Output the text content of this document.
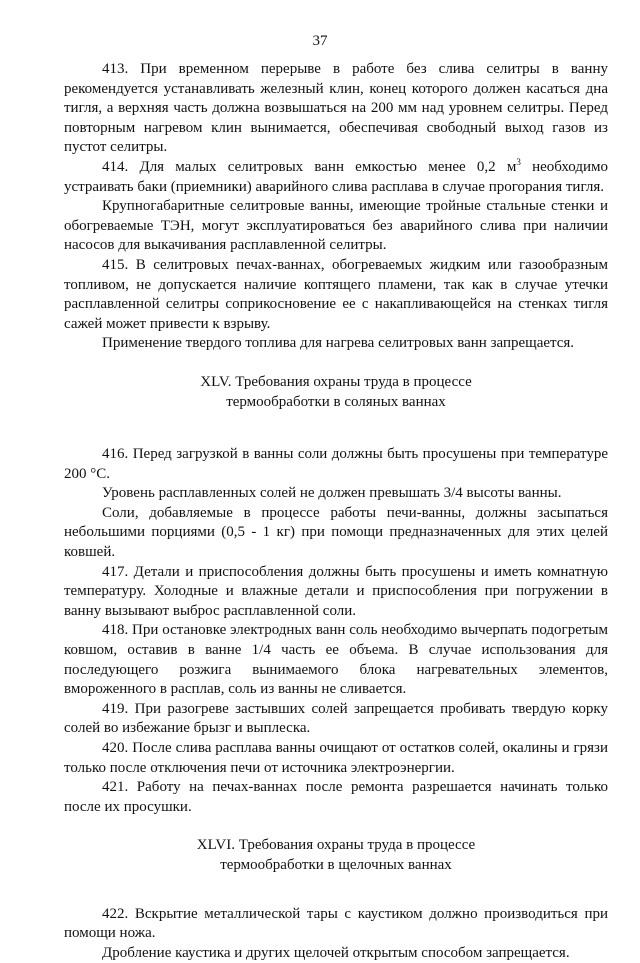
37

413. При временном перерыве в работе без слива селитры в ванну рекомендуется устанавливать железный клин, конец которого должен касаться дна тигля, а верхняя часть должна возвышаться на 200 мм над уровнем селитры. Перед повторным нагревом клин вынимается, обеспечивая свободный выход газов из пустот селитры.

414. Для малых селитровых ванн емкостью менее 0,2 $м^3$ необходимо устраивать баки (приемники) аварийного слива расплава в случае прогорания тигля.

Крупногабаритные селитровые ванны, имеющие тройные стальные стенки и обогреваемые ТЭН, могут эксплуатироваться без аварийного слива при наличии насосов для выкачивания расплавленной селитры.

415. В селитровых печах-ваннах, обогреваемых жидким или газообразным топливом, не допускается наличие коптящего пламени, так как в случае утечки расплавленной селитры соприкосновение ее с накапливающейся на стенках тигля сажей может привести к взрыву.

Применение твердого топлива для нагрева селитровых ванн запрещается.

XLV. Требования охраны труда в процессе
термообработки в соляных ваннах

416. Перед загрузкой в ванны соли должны быть просушены при температуре 200 °С.

Уровень расплавленных солей не должен превышать 3/4 высоты ванны.

Соли, добавляемые в процессе работы печи-ванны, должны засыпаться небольшими порциями (0,5 - 1 кг) при помощи предназначенных для этих целей ковшей.

417. Детали и приспособления должны быть просушены и иметь комнатную температуру. Холодные и влажные детали и приспособления при погружении в ванну вызывают выброс расплавленной соли.

418. При остановке электродных ванн соль необходимо вычерпать подогретым ковшом, оставив в ванне 1/4 часть ее объема. В случае использования для последующего розжига вынимаемого блока нагревательных элементов, вмороженного в расплав, соль из ванны не сливается.

419. При разогреве застывших солей запрещается пробивать твердую корку солей во избежание брызг и выплеска.

420. После слива расплава ванны очищают от остатков солей, окалины и грязи только после отключения печи от источника электроэнергии.

421. Работу на печах-ваннах после ремонта разрешается начинать только после их просушки.

XLVI. Требования охраны труда в процессе
термообработки в щелочных ваннах

422. Вскрытие металлической тары с каустиком должно производиться при помощи ножа.

Дробление каустика и других щелочей открытым способом запрещается.
